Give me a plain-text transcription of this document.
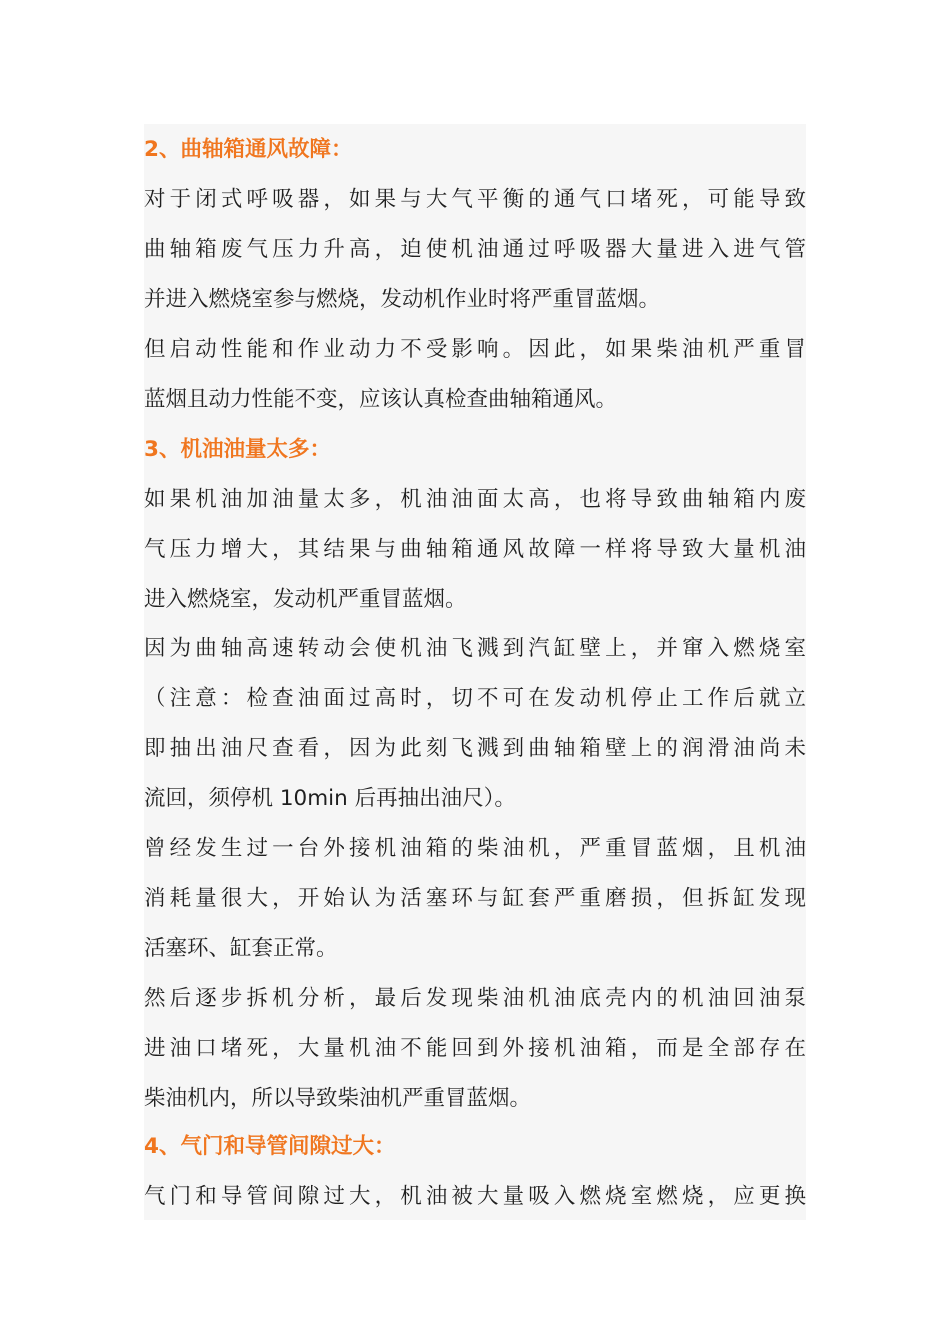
2、曲轴箱通风故障：
对于闭式呼吸器，如果与大气平衡的通气口堵死，可能导致
曲轴箱废气压力升高，迫使机油通过呼吸器大量进入进气管
并进入燃烧室参与燃烧，发动机作业时将严重冒蓝烟。
但启动性能和作业动力不受影响。因此，如果柴油机严重冒
蓝烟且动力性能不变，应该认真检查曲轴箱通风。
3、机油油量太多：
如果机油加油量太多，机油油面太高，也将导致曲轴箱内废
气压力增大，其结果与曲轴箱通风故障一样将导致大量机油
进入燃烧室，发动机严重冒蓝烟。
因为曲轴高速转动会使机油飞溅到汽缸壁上，并窜入燃烧室
（注意：检查油面过高时，切不可在发动机停止工作后就立
即抽出油尺查看，因为此刻飞溅到曲轴箱壁上的润滑油尚未
流回，须停机 10min 后再抽出油尺）。
曾经发生过一台外接机油箱的柴油机，严重冒蓝烟，且机油
消耗量很大，开始认为活塞环与缸套严重磨损，但拆缸发现
活塞环、缸套正常。
然后逐步拆机分析，最后发现柴油机油底壳内的机油回油泵
进油口堵死，大量机油不能回到外接机油箱，而是全部存在
柴油机内，所以导致柴油机严重冒蓝烟。
4、气门和导管间隙过大：
气门和导管间隙过大，机油被大量吸入燃烧室燃烧，应更换
